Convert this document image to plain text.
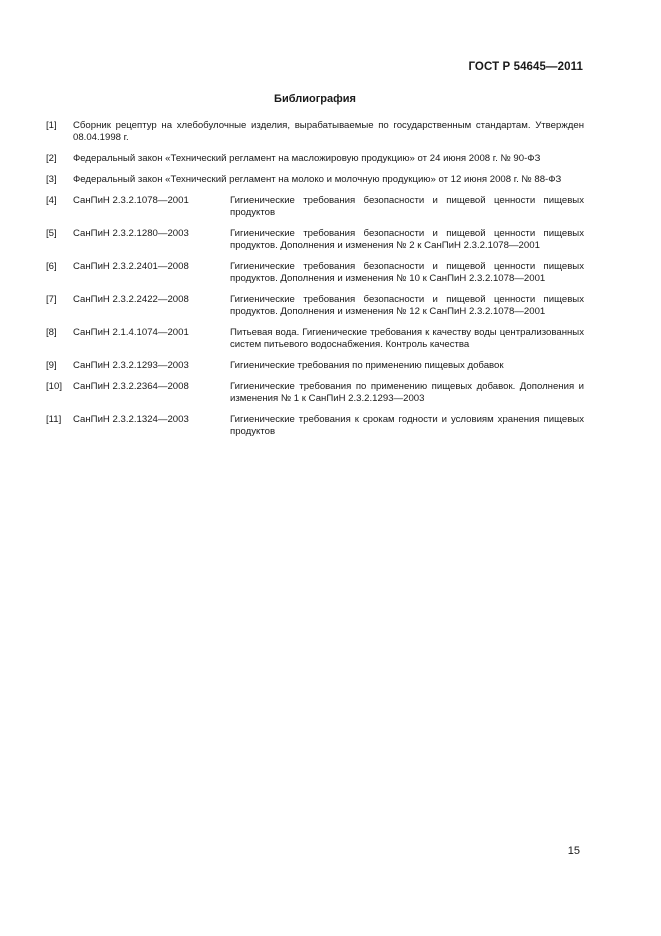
ГОСТ Р 54645—2011
Библиография
[1]	Сборник рецептур на хлебобулочные изделия, вырабатываемые по государственным стандартам. Утвержден 08.04.1998 г.
[2]	Федеральный закон «Технический регламент на масложировую продукцию» от 24 июня 2008 г. № 90-ФЗ
[3]	Федеральный закон «Технический регламент на молоко и молочную продукцию» от 12 июня 2008 г. № 88-ФЗ
[4]	СанПиН 2.3.2.1078—2001	Гигиенические требования безопасности и пищевой ценности пищевых продуктов
[5]	СанПиН 2.3.2.1280—2003	Гигиенические требования безопасности и пищевой ценности пищевых продуктов. Дополнения и изменения № 2 к СанПиН 2.3.2.1078—2001
[6]	СанПиН 2.3.2.2401—2008	Гигиенические требования безопасности и пищевой ценности пищевых продуктов. Дополнения и изменения № 10 к СанПиН 2.3.2.1078—2001
[7]	СанПиН 2.3.2.2422—2008	Гигиенические требования безопасности и пищевой ценности пищевых продуктов. Дополнения и изменения № 12 к СанПиН 2.3.2.1078—2001
[8]	СанПиН 2.1.4.1074—2001	Питьевая вода. Гигиенические требования к качеству воды централизованных систем питьевого водоснабжения. Контроль качества
[9]	СанПиН 2.3.2.1293—2003	Гигиенические требования по применению пищевых добавок
[10]	СанПиН 2.3.2.2364—2008	Гигиенические требования по применению пищевых добавок. Дополнения и изменения № 1 к СанПиН 2.3.2.1293—2003
[11]	СанПиН 2.3.2.1324—2003	Гигиенические требования к срокам годности и условиям хранения пищевых продуктов
15
